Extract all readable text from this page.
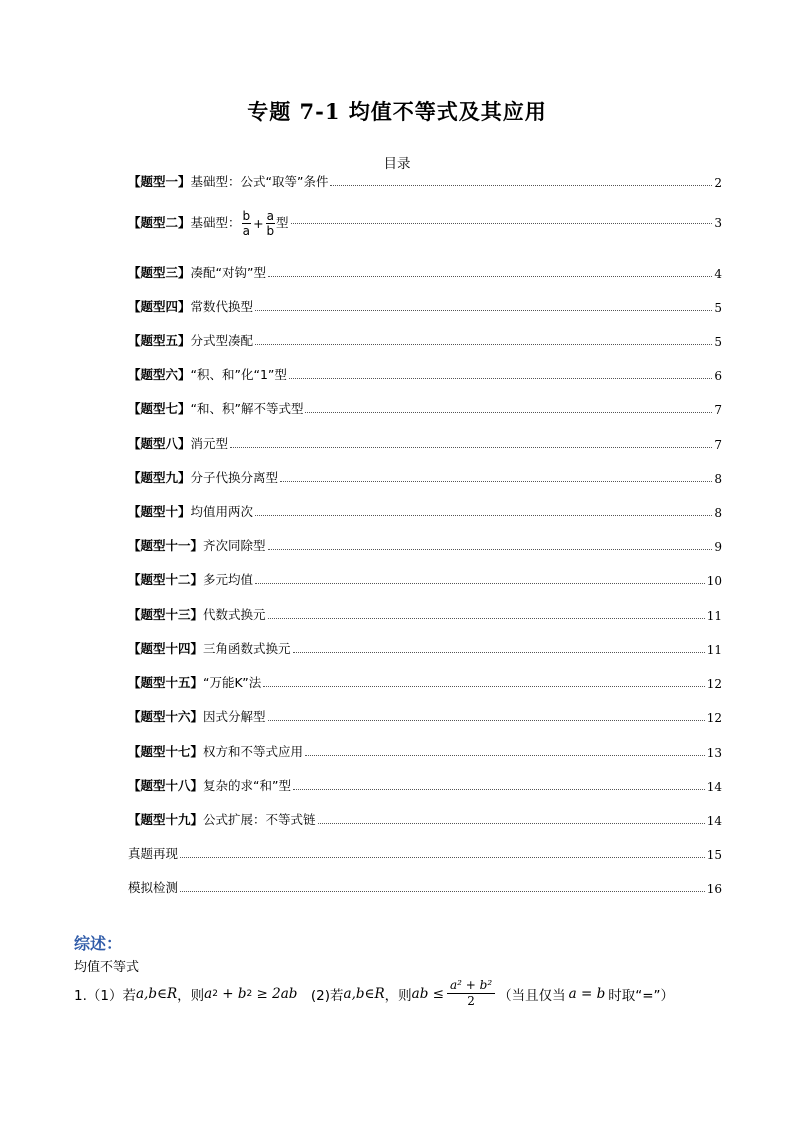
专题 7-1 均值不等式及其应用
目录
【题型一】基础型：公式“取等”条件	2
【题型二】基础型： $\frac{b}{a} + \frac{a}{b}$ 型	3
【题型三】凑配“对钩”型	4
【题型四】常数代换型	5
【题型五】分式型凑配	5
【题型六】“积、和”化“1”型	6
【题型七】“和、积”解不等式型	7
【题型八】消元型	7
【题型九】分子代换分离型	8
【题型十】均值用两次	8
【题型十一】齐次同除型	9
【题型十二】多元均值	10
【题型十三】代数式换元	11
【题型十四】三角函数式换元	11
【题型十五】“万能K”法	12
【题型十六】因式分解型	12
【题型十七】权方和不等式应用	13
【题型十八】复杂的求“和”型	14
【题型十九】公式扩展：不等式链	14
真题再现	15
模拟检测	16
综述：
均值不等式
1.（1）若 a,b∈R ，则 a 2 + b 2 ≥ 2 ab 　(2)若 a,b∈R ，则 ab ≤ $\frac{\text{a² + b²}}{2}$ （当且仅当 a = b 时取“=”）
